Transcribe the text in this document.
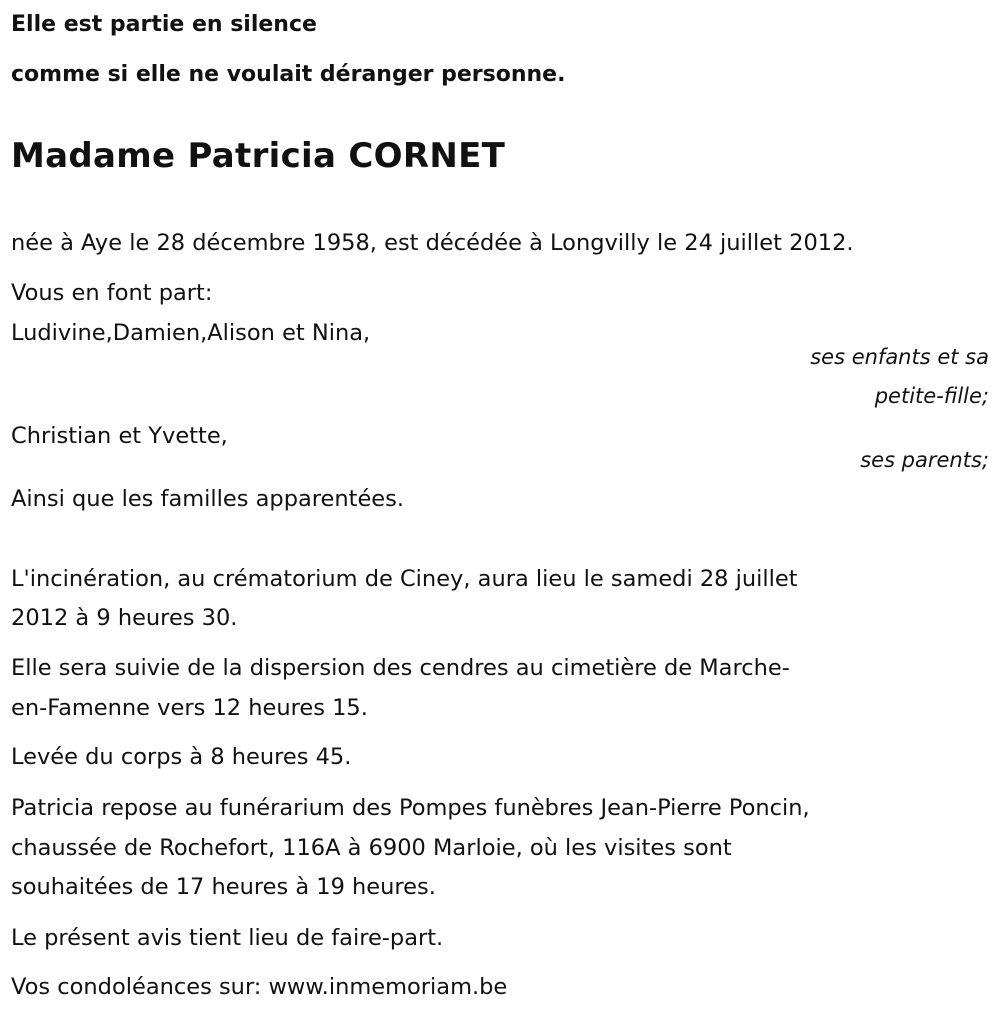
Elle est partie en silence

comme si elle ne voulait déranger personne.

Madame Patricia CORNET

née à Aye le 28 décembre 1958, est décédée à Longvilly le 24 juillet 2012.

Vous en font part:

Ludivine,Damien,Alison et Nina,

ses enfants et sa

petite-fille;

Christian et Yvette,

ses parents;

Ainsi que les familles apparentées.

L'incinération, au crématorium de Ciney, aura lieu le samedi 28 juillet

2012 à 9 heures 30.

Elle sera suivie de la dispersion des cendres au cimetière de Marche-

en-Famenne vers 12 heures 15.

Levée du corps à 8 heures 45.

Patricia repose au funérarium des Pompes funèbres Jean-Pierre Poncin,

chaussée de Rochefort, 116A à 6900 Marloie, où les visites sont

souhaitées de 17 heures à 19 heures.

Le présent avis tient lieu de faire-part.

Vos condoléances sur: www.inmemoriam.be
